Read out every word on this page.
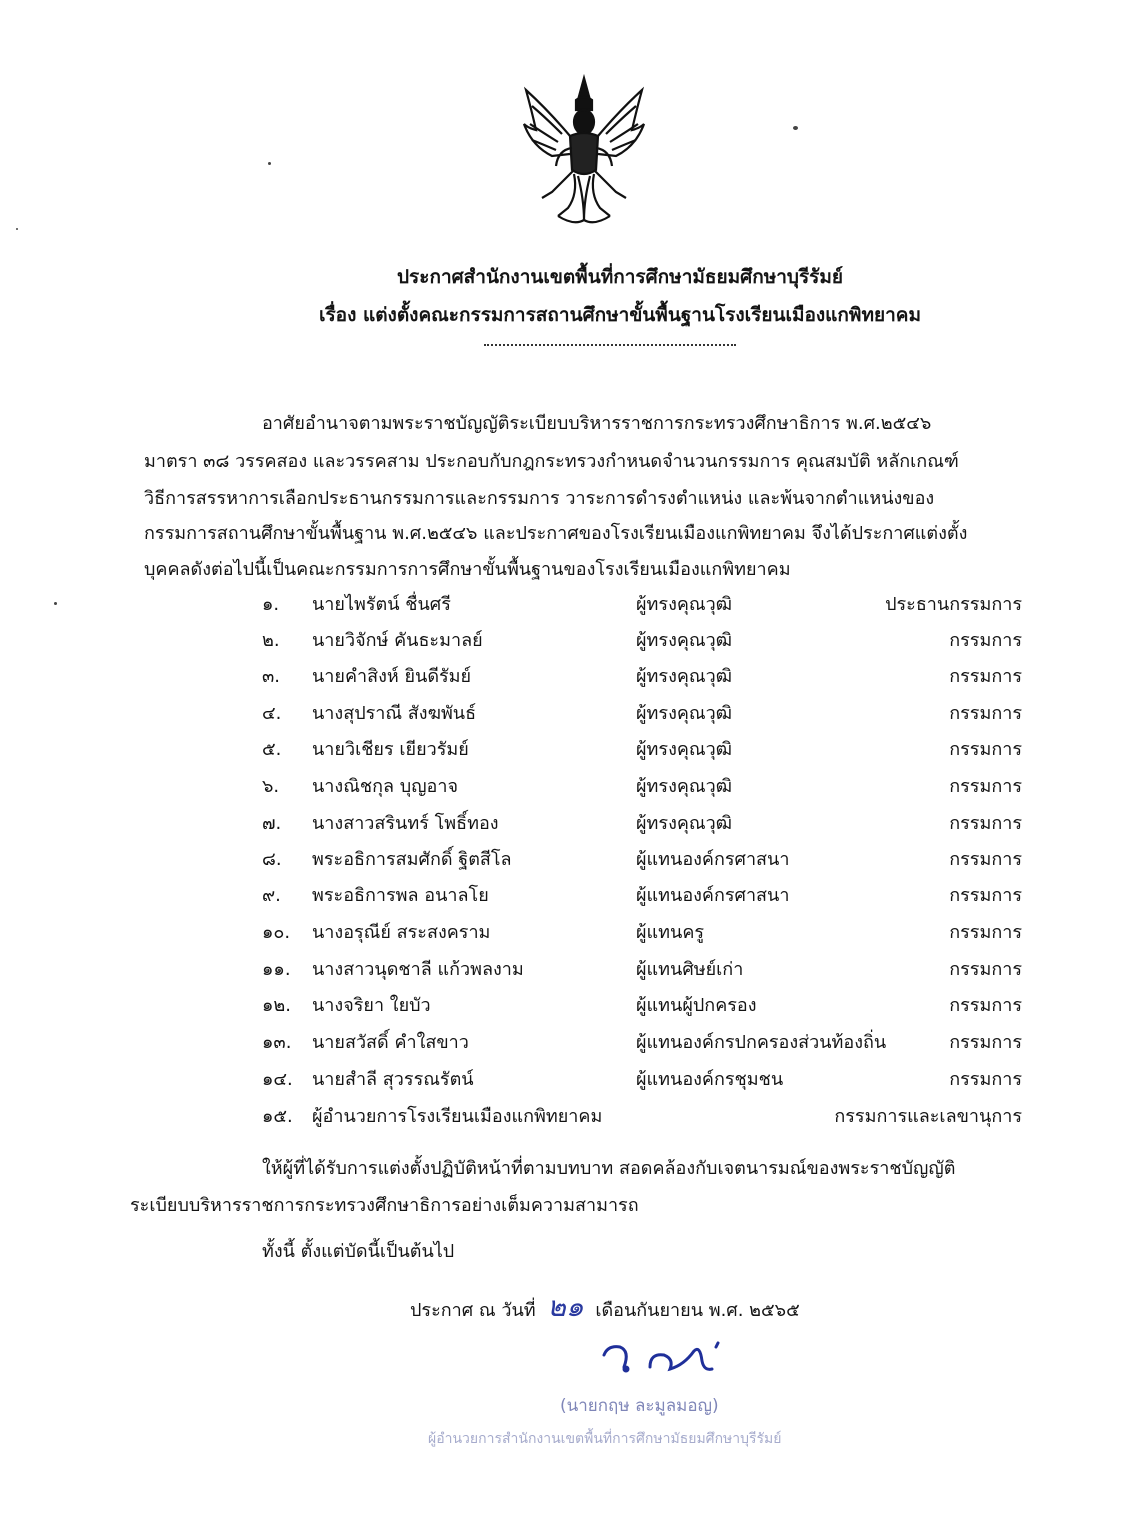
ประกาศสำนักงานเขตพื้นที่การศึกษามัธยมศึกษาบุรีรัมย์
เรื่อง แต่งตั้งคณะกรรมการสถานศึกษาขั้นพื้นฐานโรงเรียนเมืองแกพิทยาคม
อาศัยอำนาจตามพระราชบัญญัติระเบียบบริหารราชการกระทรวงศึกษาธิการ พ.ศ.๒๕๔๖
มาตรา ๓๘ วรรคสอง และวรรคสาม ประกอบกับกฎกระทรวงกำหนดจำนวนกรรมการ คุณสมบัติ หลักเกณฑ์
วิธีการสรรหาการเลือกประธานกรรมการและกรรมการ วาระการดำรงตำแหน่ง และพ้นจากตำแหน่งของ
กรรมการสถานศึกษาขั้นพื้นฐาน พ.ศ.๒๕๔๖ และประกาศของโรงเรียนเมืองแกพิทยาคม จึงได้ประกาศแต่งตั้ง
บุคคลดังต่อไปนี้เป็นคณะกรรมการการศึกษาขั้นพื้นฐานของโรงเรียนเมืองแกพิทยาคม
๑. นายไพรัตน์ ชื่นศรี	ผู้ทรงคุณวุฒิ	ประธานกรรมการ
๒. นายวิจักษ์ คันธะมาลย์	ผู้ทรงคุณวุฒิ	กรรมการ
๓. นายคำสิงห์ ยินดีรัมย์	ผู้ทรงคุณวุฒิ	กรรมการ
๔. นางสุปราณี สังฆพันธ์	ผู้ทรงคุณวุฒิ	กรรมการ
๕. นายวิเชียร เยียวรัมย์	ผู้ทรงคุณวุฒิ	กรรมการ
๖. นางณิชกุล บุญอาจ	ผู้ทรงคุณวุฒิ	กรรมการ
๗. นางสาวสรินทร์ โพธิ์ทอง	ผู้ทรงคุณวุฒิ	กรรมการ
๘. พระอธิการสมศักดิ์ ฐิตสีโล	ผู้แทนองค์กรศาสนา	กรรมการ
๙. พระอธิการพล อนาลโย	ผู้แทนองค์กรศาสนา	กรรมการ
๑๐. นางอรุณีย์ สระสงคราม	ผู้แทนครู	กรรมการ
๑๑. นางสาวนุดชาลี แก้วพลงาม	ผู้แทนศิษย์เก่า	กรรมการ
๑๒. นางจริยา ใยบัว	ผู้แทนผู้ปกครอง	กรรมการ
๑๓. นายสวัสดิ์ คำใสขาว	ผู้แทนองค์กรปกครองส่วนท้องถิ่น	กรรมการ
๑๔. นายสำลี สุวรรณรัตน์	ผู้แทนองค์กรชุมชน	กรรมการ
๑๕. ผู้อำนวยการโรงเรียนเมืองแกพิทยาคม	กรรมการและเลขานุการ
ให้ผู้ที่ได้รับการแต่งตั้งปฏิบัติหน้าที่ตามบทบาท สอดคล้องกับเจตนารมณ์ของพระราชบัญญัติ
ระเบียบบริหารราชการกระทรวงศึกษาธิการอย่างเต็มความสามารถ
ทั้งนี้ ตั้งแต่บัดนี้เป็นต้นไป
ประกาศ ณ วันที่ ๒๑ เดือนกันยายน พ.ศ. ๒๕๖๕
(นายกฤษ ละมูลมอญ)
ผู้อำนวยการสำนักงานเขตพื้นที่การศึกษามัธยมศึกษาบุรีรัมย์
